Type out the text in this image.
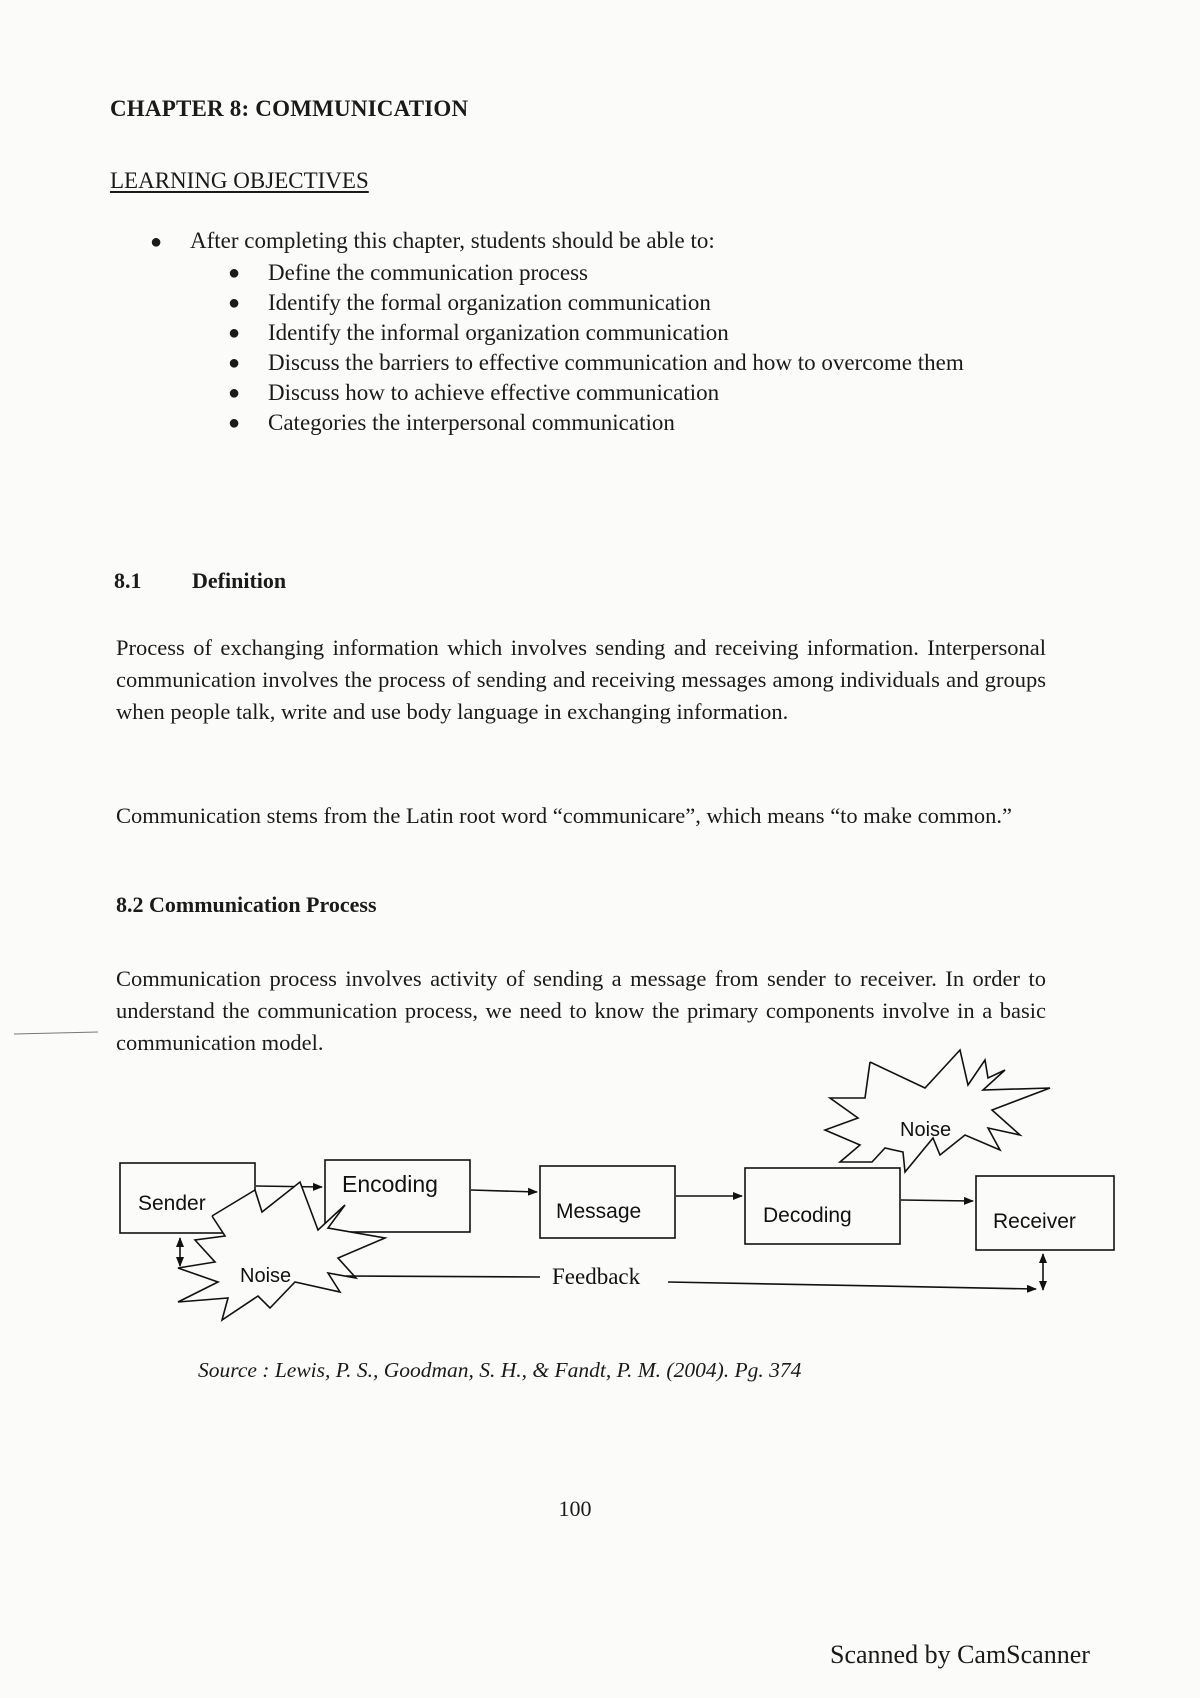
CHAPTER 8: COMMUNICATION
LEARNING OBJECTIVES
● After completing this chapter, students should be able to:
●	Define the communication process
●	Identify the formal organization communication
●	Identify the informal organization communication
●	Discuss the barriers to effective communication and how to overcome them
●	Discuss how to achieve effective communication
●	Categories the interpersonal communication
8.1 Definition
Process of exchanging information which involves sending and receiving information. Interpersonal communication involves the process of sending and receiving messages among individuals and groups when people talk, write and use body language in exchanging information.
Communication stems from the Latin root word “communicare”, which means “to make common.”
8.2 Communication Process
Communication process involves activity of sending a message from sender to receiver. In order to understand the communication process, we need to know the primary components involve in a basic communication model.
Sender
Encoding
Message	Decoding	Receiver
Noise
Noise	Feedback
Source : Lewis, P. S., Goodman, S. H., & Fandt, P. M. (2004). Pg. 374
100
Scanned by CamScanner
